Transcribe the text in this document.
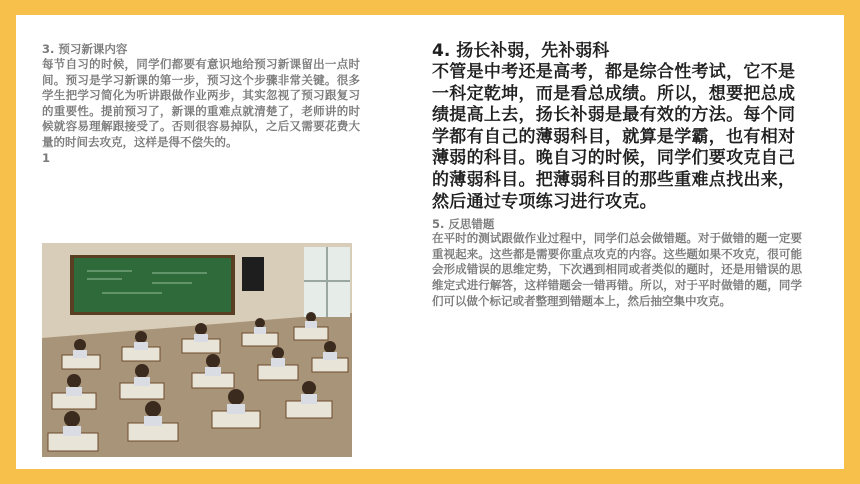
3. 预习新课内容
每节自习的时候，同学们都要有意识地给预习新课留出一点时间。预习是学习新课的第一步，预习这个步骤非常关键。很多学生把学习简化为听讲跟做作业两步，其实忽视了预习跟复习的重要性。提前预习了，新课的重难点就清楚了，老师讲的时候就容易理解跟接受了。否则很容易掉队，之后又需要花费大量的时间去攻克，这样是得不偿失的。
1
4. 扬长补弱，先补弱科
不管是中考还是高考，都是综合性考试，它不是一科定乾坤，而是看总成绩。所以，想要把总成绩提高上去，扬长补弱是最有效的方法。每个同学都有自己的薄弱科目，就算是学霸，也有相对薄弱的科目。晚自习的时候，同学们要攻克自己的薄弱科目。把薄弱科目的那些重难点找出来，然后通过专项练习进行攻克。
5. 反思错题
在平时的测试跟做作业过程中，同学们总会做错题。对于做错的题一定要重视起来。这些都是需要你重点攻克的内容。这些题如果不攻克，很可能会形成错误的思维定势，下次遇到相同或者类似的题时，还是用错误的思维定式进行解答，这样错题会一错再错。所以，对于平时做错的题，同学们可以做个标记或者整理到错题本上，然后抽空集中攻克。
